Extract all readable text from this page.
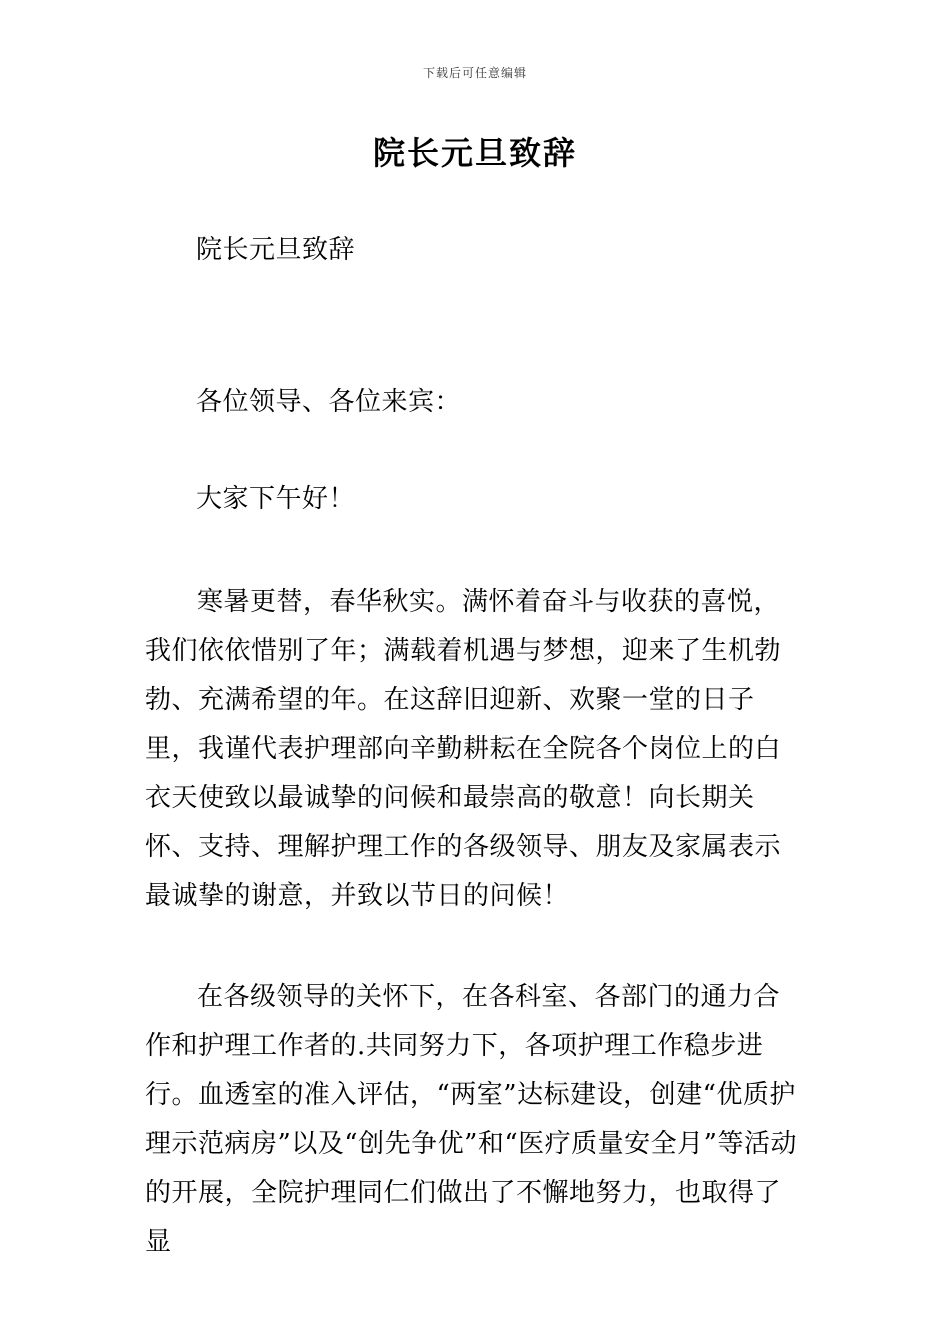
下载后可任意编辑
院长元旦致辞
院长元旦致辞
各位领导、各位来宾：
大家下午好！
寒暑更替，春华秋实。满怀着奋斗与收获的喜悦，我们依依惜别了年；满载着机遇与梦想，迎来了生机勃勃、充满希望的年。在这辞旧迎新、欢聚一堂的日子里，我谨代表护理部向辛勤耕耘在全院各个岗位上的白衣天使致以最诚挚的问候和最崇高的敬意！向长期关怀、支持、理解护理工作的各级领导、朋友及家属表示最诚挚的谢意，并致以节日的问候！
在各级领导的关怀下，在各科室、各部门的通力合作和护理工作者的.共同努力下，各项护理工作稳步进行。血透室的准入评估，“两室”达标建设，创建“优质护理示范病房”以及“创先争优”和“医疗质量安全月”等活动的开展，全院护理同仁们做出了不懈地努力，也取得了显
